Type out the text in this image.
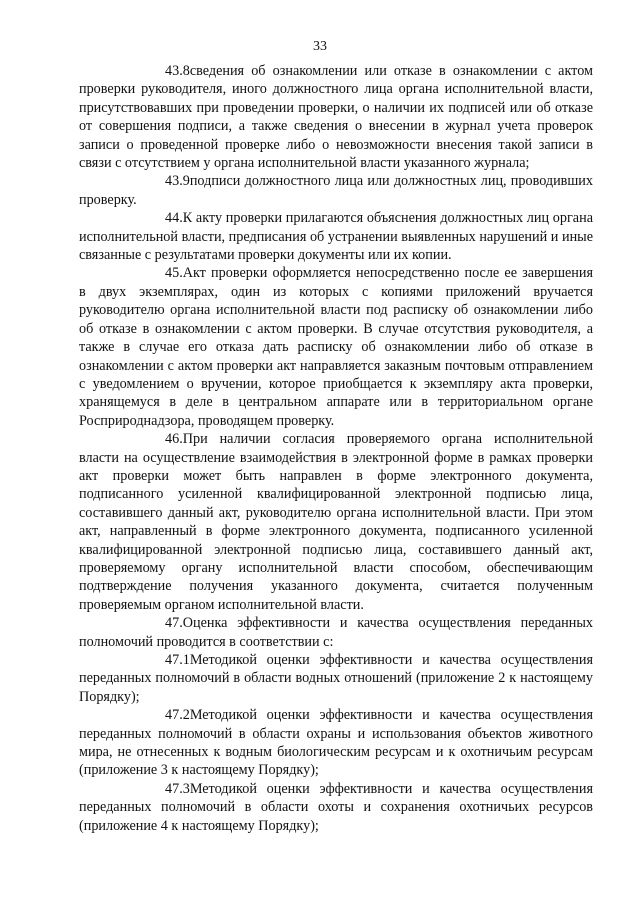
33

43.8сведения об ознакомлении или отказе в ознакомлении с актом проверки руководителя, иного должностного лица органа исполнительной власти, присутствовавших при проведении проверки, о наличии их подписей или об отказе от совершения подписи, а также сведения о внесении в журнал учета проверок записи о проведенной проверке либо о невозможности внесения такой записи в связи с отсутствием у органа исполнительной власти указанного журнала;

43.9подписи должностного лица или должностных лиц, проводивших проверку.

44.К акту проверки прилагаются объяснения должностных лиц органа исполнительной власти, предписания об устранении выявленных нарушений и иные связанные с результатами проверки документы или их копии.

45.Акт проверки оформляется непосредственно после ее завершения в двух экземплярах, один из которых с копиями приложений вручается руководителю органа исполнительной власти под расписку об ознакомлении либо об отказе в ознакомлении с актом проверки. В случае отсутствия руководителя, а также в случае его отказа дать расписку об ознакомлении либо об отказе в ознакомлении с актом проверки акт направляется заказным почтовым отправлением с уведомлением о вручении, которое приобщается к экземпляру акта проверки, хранящемуся в деле в центральном аппарате или в территориальном органе Росприроднадзора, проводящем проверку.

46.При наличии согласия проверяемого органа исполнительной власти на осуществление взаимодействия в электронной форме в рамках проверки акт проверки может быть направлен в форме электронного документа, подписанного усиленной квалифицированной электронной подписью лица, составившего данный акт, руководителю органа исполнительной власти. При этом акт, направленный в форме электронного документа, подписанного усиленной квалифицированной электронной подписью лица, составившего данный акт, проверяемому органу исполнительной власти способом, обеспечивающим подтверждение получения указанного документа, считается полученным проверяемым органом исполнительной власти.

47.Оценка эффективности и качества осуществления переданных полномочий проводится в соответствии с:

47.1Методикой оценки эффективности и качества осуществления переданных полномочий в области водных отношений (приложение 2 к настоящему Порядку);

47.2Методикой оценки эффективности и качества осуществления переданных полномочий в области охраны и использования объектов животного мира, не отнесенных к водным биологическим ресурсам и к охотничьим ресурсам (приложение 3 к настоящему Порядку);

47.3Методикой оценки эффективности и качества осуществления переданных полномочий в области охоты и сохранения охотничьих ресурсов (приложение 4 к настоящему Порядку);
